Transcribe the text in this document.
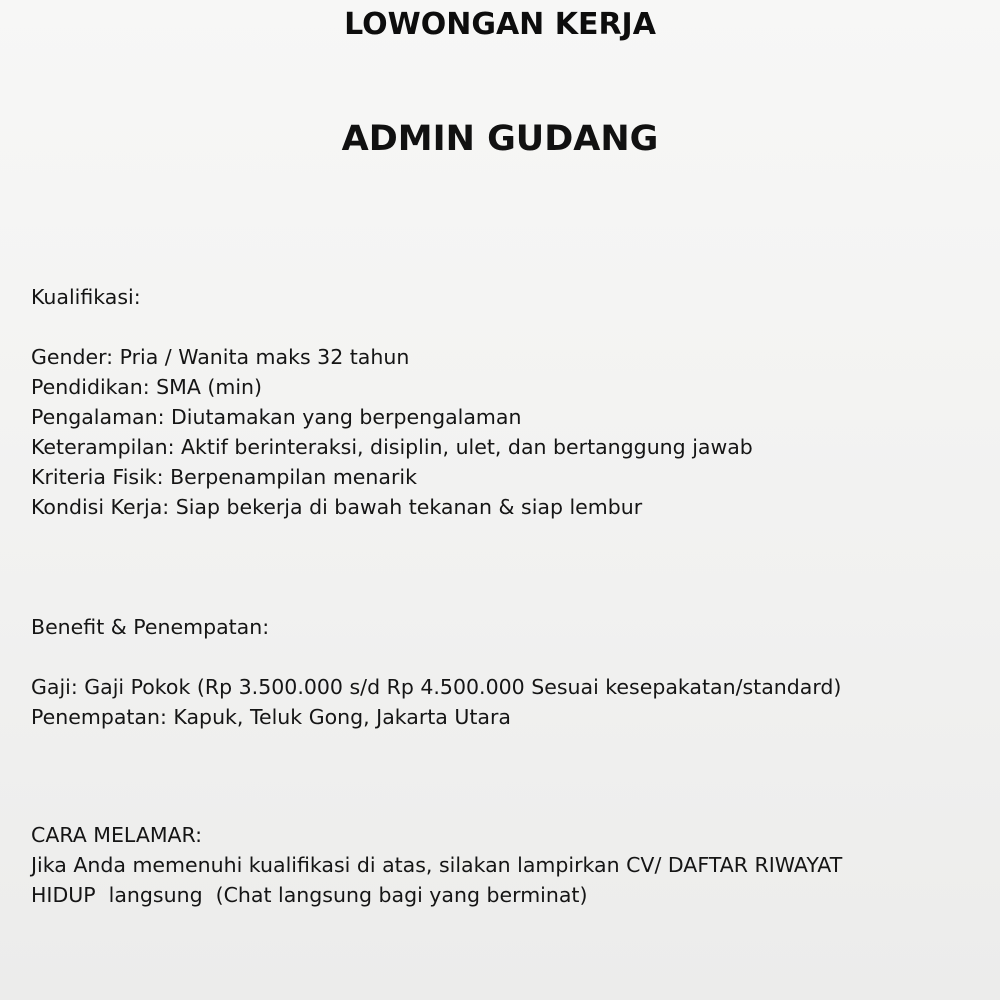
LOWONGAN KERJA
ADMIN GUDANG
Kualifikasi:
Gender: Pria / Wanita maks 32 tahun
Pendidikan: SMA (min)
Pengalaman: Diutamakan yang berpengalaman
Keterampilan: Aktif berinteraksi, disiplin, ulet, dan bertanggung jawab
Kriteria Fisik: Berpenampilan menarik
Kondisi Kerja: Siap bekerja di bawah tekanan & siap lembur
Benefit & Penempatan:
Gaji: Gaji Pokok (Rp 3.500.000 s/d Rp 4.500.000 Sesuai kesepakatan/standard)
Penempatan: Kapuk, Teluk Gong, Jakarta Utara
CARA MELAMAR:
Jika Anda memenuhi kualifikasi di atas, silakan lampirkan CV/ DAFTAR RIWAYAT
HIDUP  langsung  (Chat langsung bagi yang berminat)
